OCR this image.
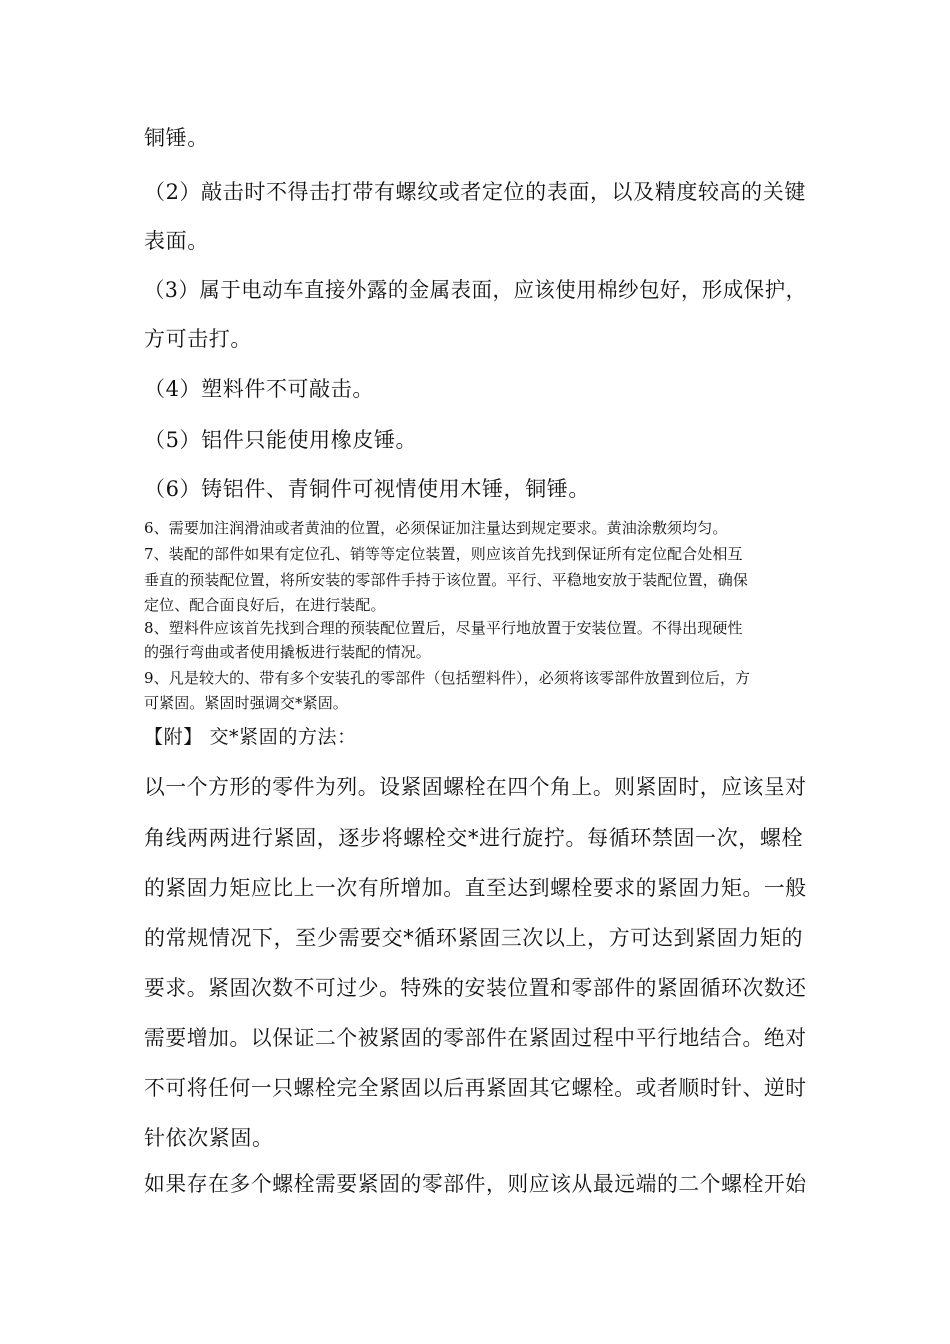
铜锤。

（2）敲击时不得击打带有螺纹或者定位的表面，以及精度较高的关键

表面。

（3）属于电动车直接外露的金属表面，应该使用棉纱包好，形成保护，

方可击打。

（4）塑料件不可敲击。

（5）铝件只能使用橡皮锤。

（6）铸铝件、青铜件可视情使用木锤，铜锤。

6、需要加注润滑油或者黄油的位置，必须保证加注量达到规定要求。黄油涂敷须均匀。

7、装配的部件如果有定位孔、销等等定位装置，则应该首先找到保证所有定位配合处相互

垂直的预装配位置，将所安装的零部件手持于该位置。平行、平稳地安放于装配位置，确保

定位、配合面良好后，在进行装配。

8、塑料件应该首先找到合理的预装配位置后，尽量平行地放置于安装位置。不得出现硬性

的强行弯曲或者使用撬板进行装配的情况。

9、凡是较大的、带有多个安装孔的零部件（包括塑料件），必须将该零部件放置到位后，方

可紧固。紧固时强调交*紧固。

【附】 交*紧固的方法：

以一个方形的零件为列。设紧固螺栓在四个角上。则紧固时，应该呈对

角线两两进行紧固，逐步将螺栓交*进行旋拧。每循环禁固一次，螺栓

的紧固力矩应比上一次有所增加。直至达到螺栓要求的紧固力矩。一般

的常规情况下，至少需要交*循环紧固三次以上，方可达到紧固力矩的

要求。紧固次数不可过少。特殊的安装位置和零部件的紧固循环次数还

需要增加。以保证二个被紧固的零部件在紧固过程中平行地结合。绝对

不可将任何一只螺栓完全紧固以后再紧固其它螺栓。或者顺时针、逆时

针依次紧固。

如果存在多个螺栓需要紧固的零部件，则应该从最远端的二个螺栓开始
